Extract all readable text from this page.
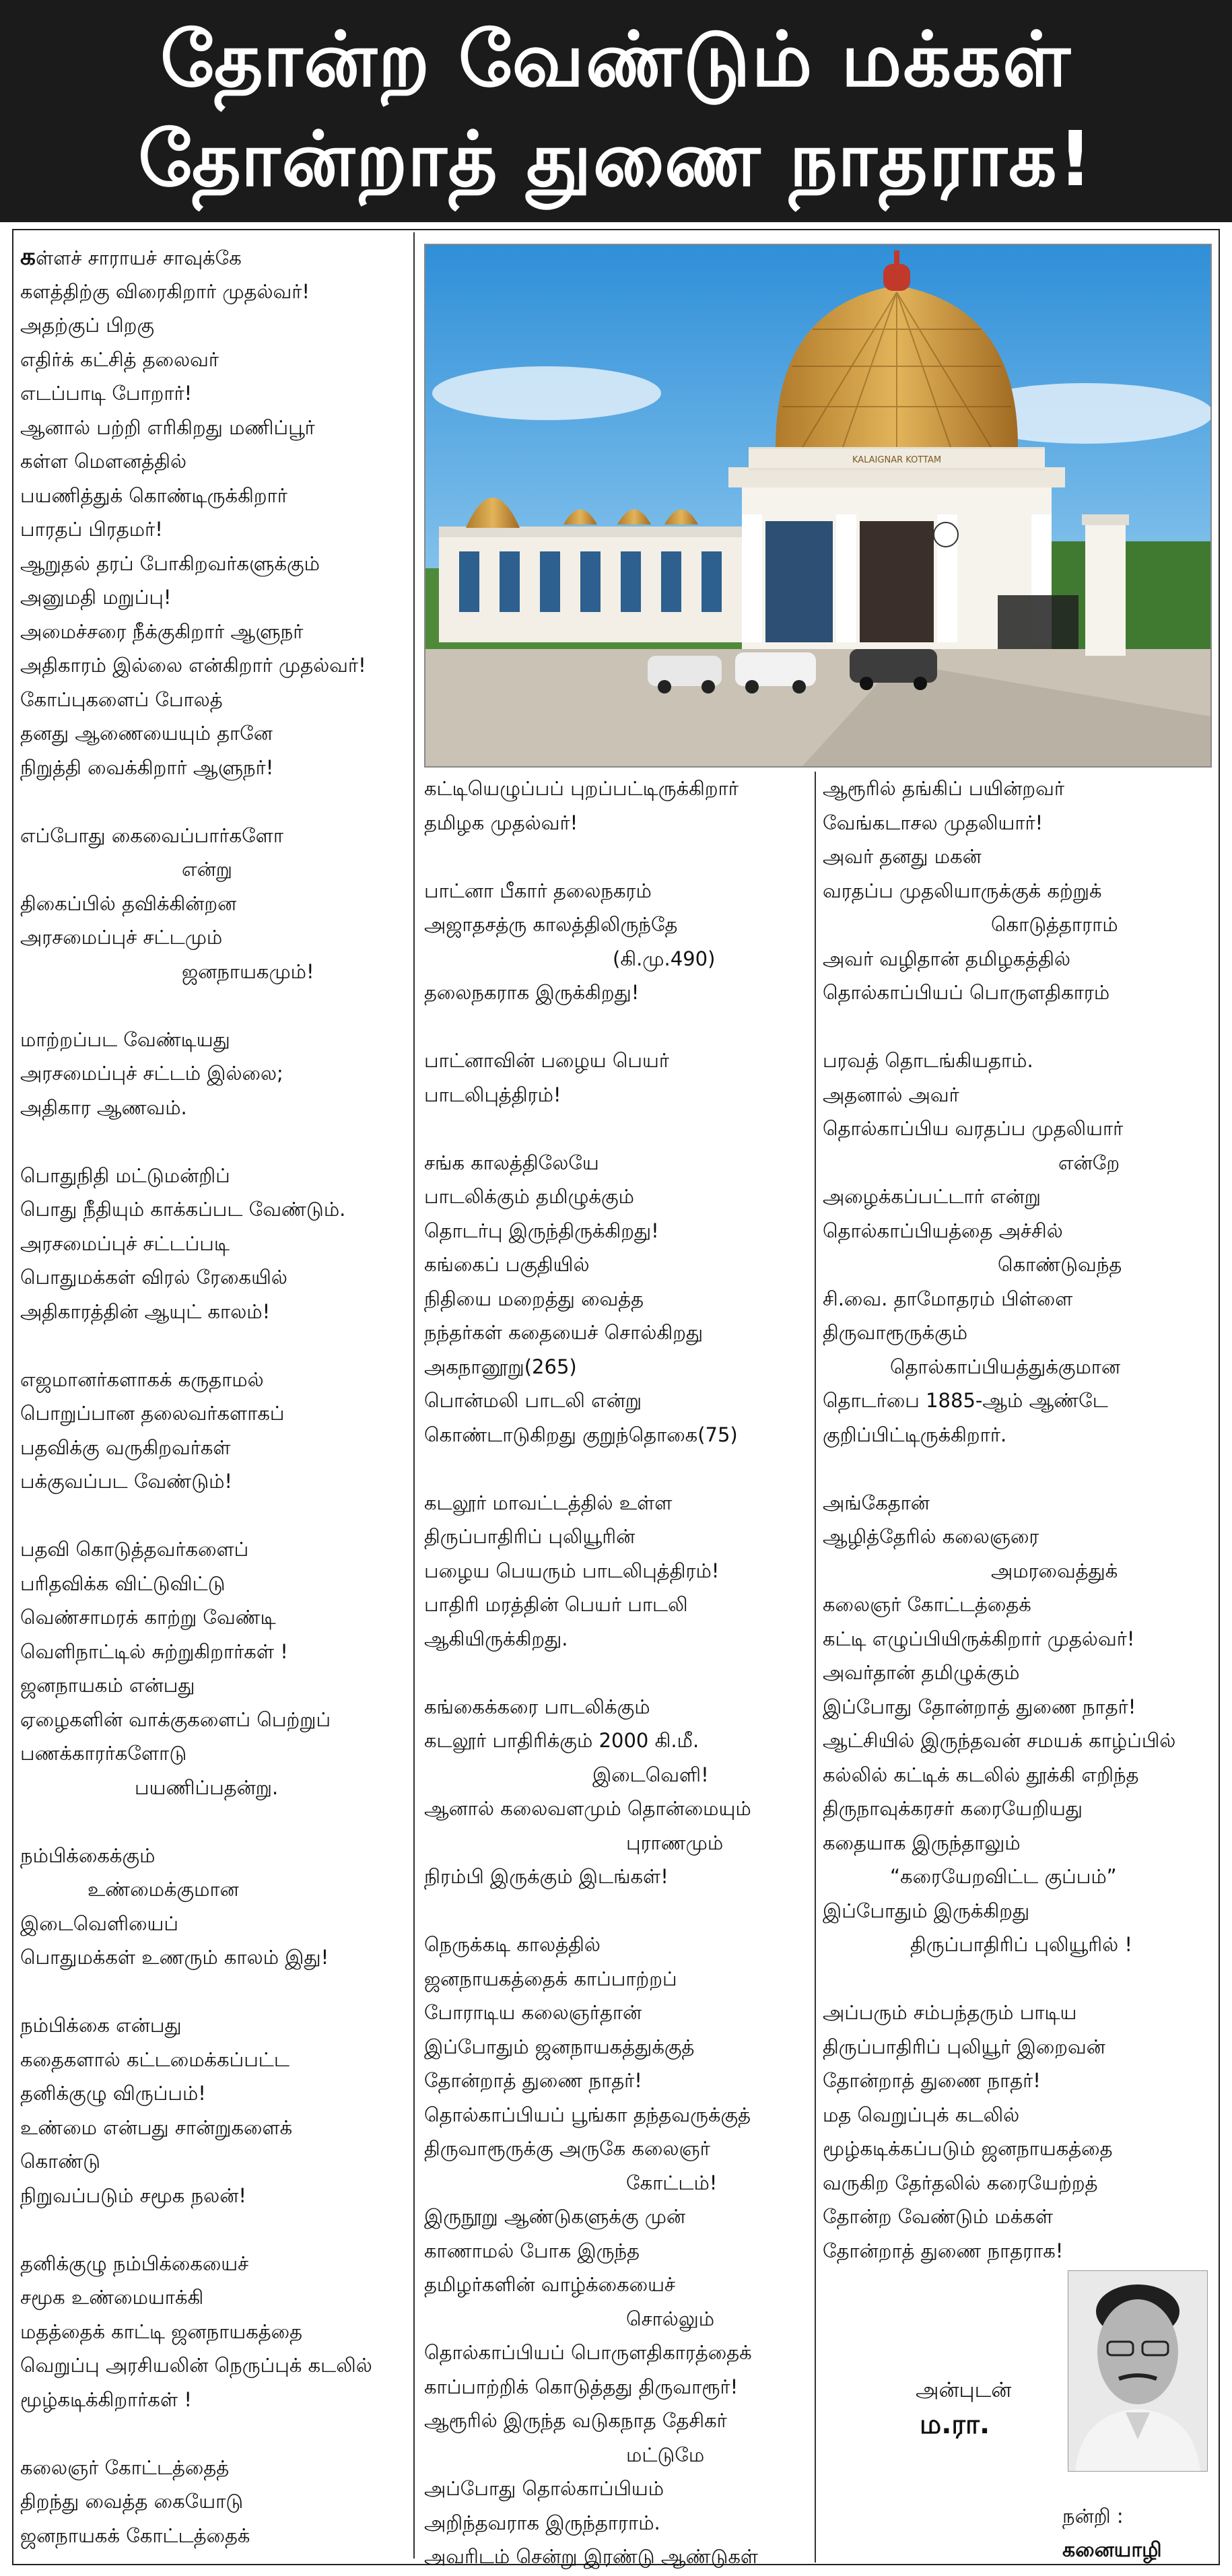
தோன்ற வேண்டும் மக்கள்
தோன்றாத் துணை நாதராக!
KALAIGNAR KOTTAM
கள்ளச் சாராயச் சாவுக்கே
களத்திற்கு விரைகிறார் முதல்வர்!
அதற்குப் பிறகு
எதிர்க் கட்சித் தலைவர்
எடப்பாடி போறார்!
ஆனால் பற்றி எரிகிறது மணிப்பூர்
கள்ள மௌனத்தில்
பயணித்துக் கொண்டிருக்கிறார்
பாரதப் பிரதமர்!
ஆறுதல் தரப் போகிறவர்களுக்கும்
அனுமதி மறுப்பு!
அமைச்சரை நீக்குகிறார் ஆளுநர்
அதிகாரம் இல்லை என்கிறார் முதல்வர்!
கோப்புகளைப் போலத்
தனது ஆணையையும் தானே
நிறுத்தி வைக்கிறார் ஆளுநர்!
எப்போது கைவைப்பார்களோ
என்று
திகைப்பில் தவிக்கின்றன
அரசமைப்புச் சட்டமும்
ஜனநாயகமும்!
மாற்றப்பட வேண்டியது
அரசமைப்புச் சட்டம் இல்லை;
அதிகார ஆணவம்.
பொதுநிதி மட்டுமன்றிப்
பொது நீதியும் காக்கப்பட வேண்டும்.
அரசமைப்புச் சட்டப்படி
பொதுமக்கள் விரல் ரேகையில்
அதிகாரத்தின் ஆயுட் காலம்!
எஜமானர்களாகக் கருதாமல்
பொறுப்பான தலைவர்களாகப்
பதவிக்கு வருகிறவர்கள்
பக்குவப்பட வேண்டும்!
பதவி கொடுத்தவர்களைப்
பரிதவிக்க விட்டுவிட்டு
வெண்சாமரக் காற்று வேண்டி
வெளிநாட்டில் சுற்றுகிறார்கள் !
ஜனநாயகம் என்பது
ஏழைகளின் வாக்குகளைப் பெற்றுப்
பணக்காரர்களோடு
பயணிப்பதன்று.
நம்பிக்கைக்கும்
உண்மைக்குமான
இடைவெளியைப்
பொதுமக்கள் உணரும் காலம் இது!
நம்பிக்கை என்பது
கதைகளால் கட்டமைக்கப்பட்ட
தனிக்குழு விருப்பம்!
உண்மை என்பது சான்றுகளைக்
கொண்டு
நிறுவப்படும் சமூக நலன்!
தனிக்குழு நம்பிக்கையைச்
சமூக உண்மையாக்கி
மதத்தைக் காட்டி ஜனநாயகத்தை
வெறுப்பு அரசியலின் நெருப்புக் கடலில்
மூழ்கடிக்கிறார்கள் !
கலைஞர் கோட்டத்தைத்
திறந்து வைத்த கையோடு
ஜனநாயகக் கோட்டத்தைக்
கட்டியெழுப்பப் புறப்பட்டிருக்கிறார்
தமிழக முதல்வர்!
பாட்னா பீகார் தலைநகரம்
அஜாதசத்ரு காலத்திலிருந்தே
(கி.மு.490)
தலைநகராக இருக்கிறது!
பாட்னாவின் பழைய பெயர்
பாடலிபுத்திரம்!
சங்க காலத்திலேயே
பாடலிக்கும் தமிழுக்கும்
தொடர்பு இருந்திருக்கிறது!
கங்கைப் பகுதியில்
நிதியை மறைத்து வைத்த
நந்தர்கள் கதையைச் சொல்கிறது
அகநானூறு(265)
பொன்மலி பாடலி என்று
கொண்டாடுகிறது குறுந்தொகை(75)
கடலூர் மாவட்டத்தில் உள்ள
திருப்பாதிரிப் புலியூரின்
பழைய பெயரும் பாடலிபுத்திரம்!
பாதிரி மரத்தின் பெயர் பாடலி
ஆகியிருக்கிறது.
கங்கைக்கரை பாடலிக்கும்
கடலூர் பாதிரிக்கும் 2000 கி.மீ.
இடைவெளி!
ஆனால் கலைவளமும் தொன்மையும்
புராணமும்
நிரம்பி இருக்கும் இடங்கள்!
நெருக்கடி காலத்தில்
ஜனநாயகத்தைக் காப்பாற்றப்
போராடிய கலைஞர்தான்
இப்போதும் ஜனநாயகத்துக்குத்
தோன்றாத் துணை நாதர்!
தொல்காப்பியப் பூங்கா தந்தவருக்குத்
திருவாரூருக்கு அருகே கலைஞர்
கோட்டம்!
இருநூறு ஆண்டுகளுக்கு முன்
காணாமல் போக இருந்த
தமிழர்களின் வாழ்க்கையைச்
சொல்லும்
தொல்காப்பியப் பொருளதிகாரத்தைக்
காப்பாற்றிக் கொடுத்தது திருவாரூர்!
ஆரூரில் இருந்த வடுகநாத தேசிகர்
மட்டுமே
அப்போது தொல்காப்பியம்
அறிந்தவராக இருந்தாராம்.
அவரிடம் சென்று இரண்டு ஆண்டுகள்
ஆரூரில் தங்கிப் பயின்றவர்
வேங்கடாசல முதலியார்!
அவர் தனது மகன்
வரதப்ப முதலியாருக்குக் கற்றுக்
கொடுத்தாராம்
அவர் வழிதான் தமிழகத்தில்
தொல்காப்பியப் பொருளதிகாரம்
பரவத் தொடங்கியதாம்.
அதனால் அவர்
தொல்காப்பிய வரதப்ப முதலியார்
என்றே
அழைக்கப்பட்டார் என்று
தொல்காப்பியத்தை அச்சில்
கொண்டுவந்த
சி.வை. தாமோதரம் பிள்ளை
திருவாரூருக்கும்
தொல்காப்பியத்துக்குமான
தொடர்பை 1885-ஆம் ஆண்டே
குறிப்பிட்டிருக்கிறார்.
அங்கேதான்
ஆழித்தேரில் கலைஞரை
அமரவைத்துக்
கலைஞர் கோட்டத்தைக்
கட்டி எழுப்பியிருக்கிறார் முதல்வர்!
அவர்தான் தமிழுக்கும்
இப்போது தோன்றாத் துணை நாதர்!
ஆட்சியில் இருந்தவன் சமயக் காழ்ப்பில்
கல்லில் கட்டிக் கடலில் தூக்கி எறிந்த
திருநாவுக்கரசர் கரையேறியது
கதையாக இருந்தாலும்
“கரையேறவிட்ட குப்பம்”
இப்போதும் இருக்கிறது
திருப்பாதிரிப் புலியூரில் !
அப்பரும் சம்பந்தரும் பாடிய
திருப்பாதிரிப் புலியூர் இறைவன்
தோன்றாத் துணை நாதர்!
மத வெறுப்புக் கடலில்
மூழ்கடிக்கப்படும் ஜனநாயகத்தை
வருகிற தேர்தலில் கரையேற்றத்
தோன்ற வேண்டும் மக்கள்
தோன்றாத் துணை நாதராக!
அன்புடன்
ம.ரா.
நன்றி :
கனையாழி
